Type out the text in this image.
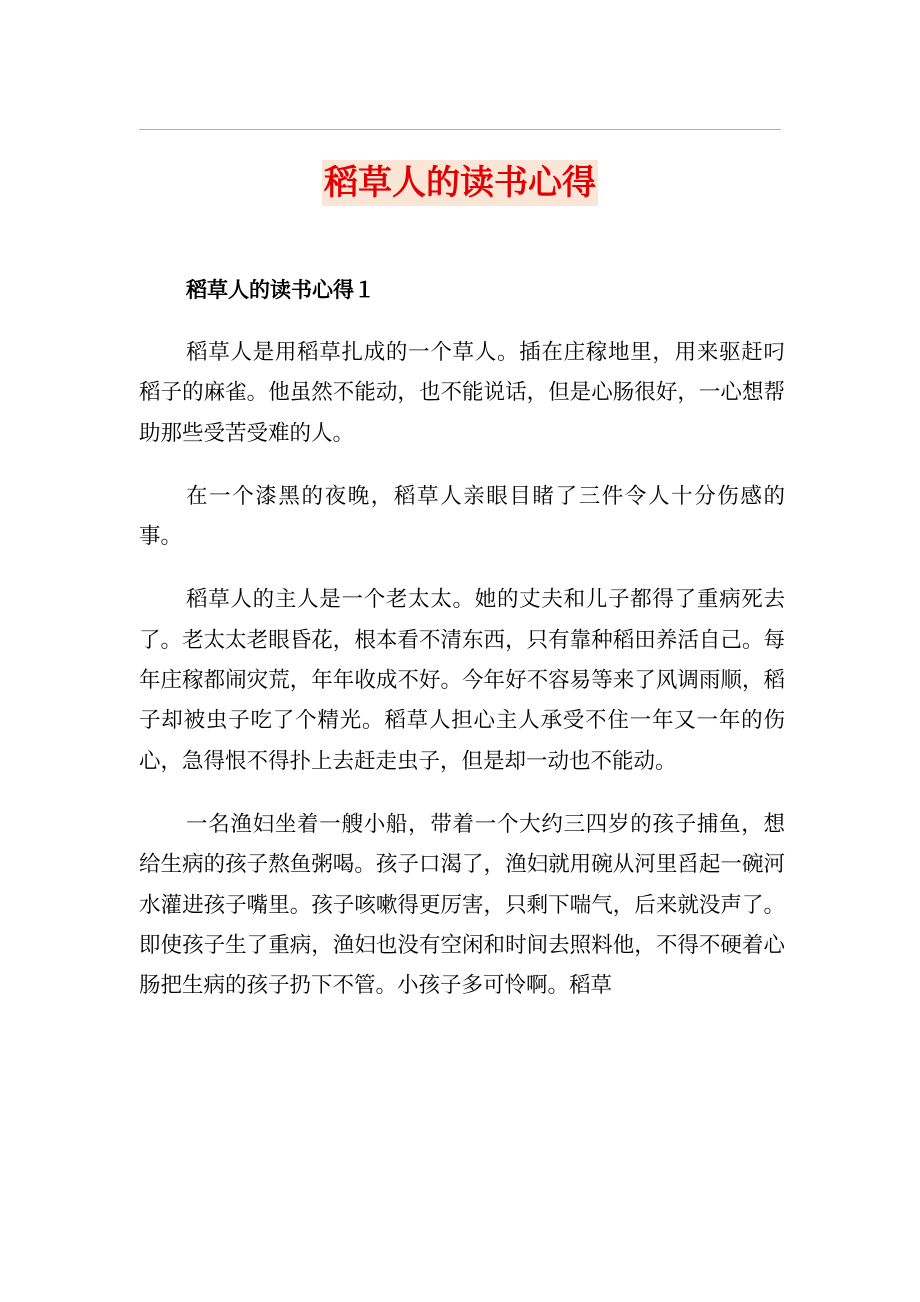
稻草人的读书心得

稻草人的读书心得１

稻草人是用稻草扎成的一个草人。插在庄稼地里，用来驱赶叼稻子的麻雀。他虽然不能动，也不能说话，但是心肠很好，一心想帮助那些受苦受难的人。

在一个漆黑的夜晚，稻草人亲眼目睹了三件令人十分伤感的事。

稻草人的主人是一个老太太。她的丈夫和儿子都得了重病死去了。老太太老眼昏花，根本看不清东西，只有靠种稻田养活自己。每年庄稼都闹灾荒，年年收成不好。今年好不容易等来了风调雨顺，稻子却被虫子吃了个精光。稻草人担心主人承受不住一年又一年的伤心，急得恨不得扑上去赶走虫子，但是却一动也不能动。

一名渔妇坐着一艘小船，带着一个大约三四岁的孩子捕鱼，想给生病的孩子熬鱼粥喝。孩子口渴了，渔妇就用碗从河里舀起一碗河水灌进孩子嘴里。孩子咳嗽得更厉害，只剩下喘气，后来就没声了。即使孩子生了重病，渔妇也没有空闲和时间去照料他，不得不硬着心肠把生病的孩子扔下不管。小孩子多可怜啊。稻草
